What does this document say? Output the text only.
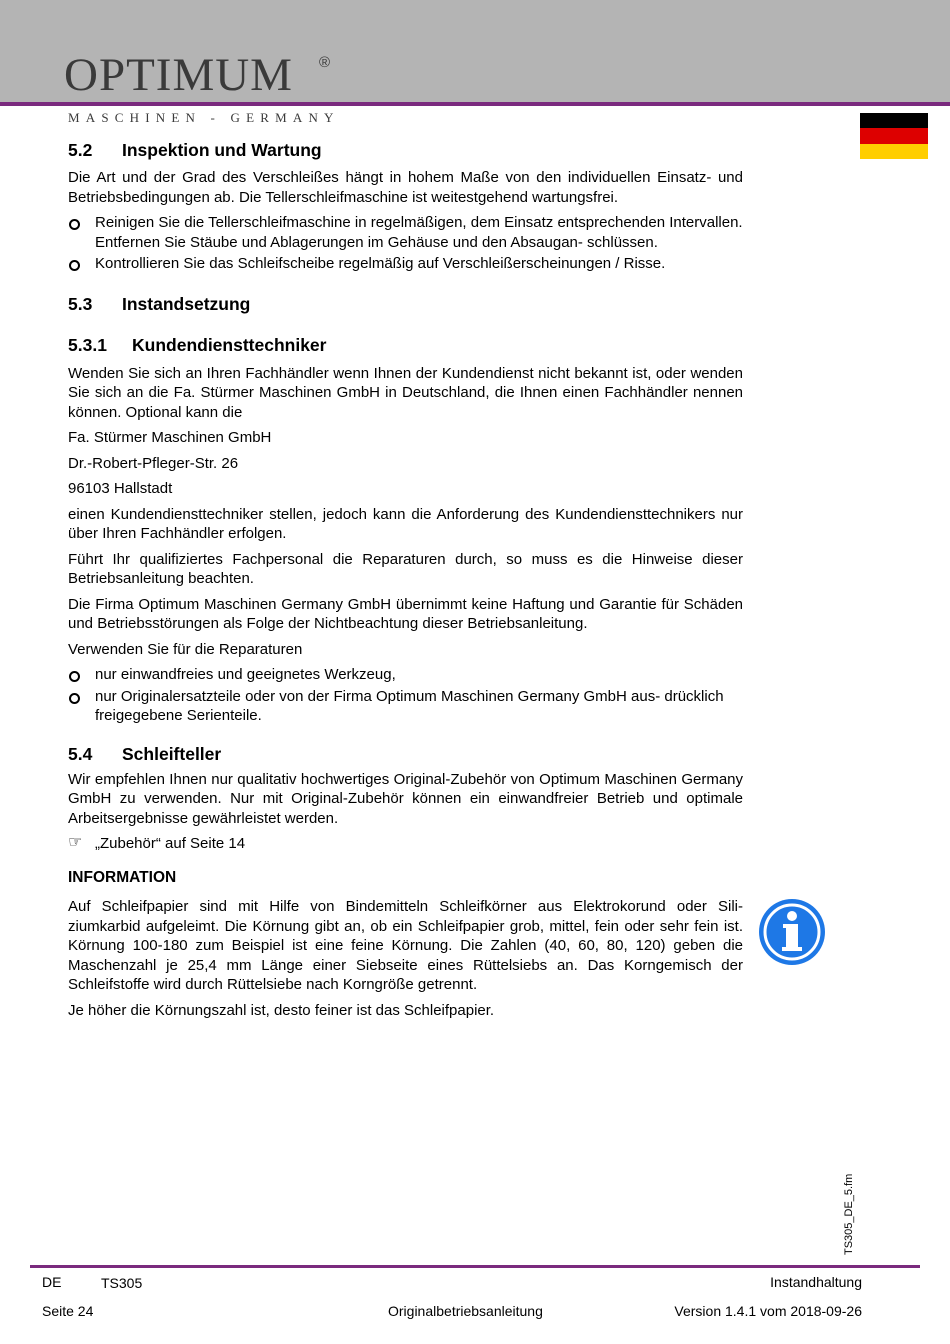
OPTIMUM ®
MASCHINEN - GERMANY
5.2 Inspektion und Wartung

Die Art und der Grad des Verschleißes hängt in hohem Maße von den individuellen Einsatz- und Betriebsbedingungen ab. Die Tellerschleifmaschine ist weitestgehend wartungsfrei.

Reinigen Sie die Tellerschleifmaschine in regelmäßigen, dem Einsatz entsprechenden Intervallen. Entfernen Sie Stäube und Ablagerungen im Gehäuse und den Absaugan- schlüssen.
Kontrollieren Sie das Schleifscheibe regelmäßig auf Verschleißerscheinungen / Risse.
5.3 Instandsetzung
5.3.1 Kundendiensttechniker

Wenden Sie sich an Ihren Fachhändler wenn Ihnen der Kundendienst nicht bekannt ist, oder wenden Sie sich an die Fa. Stürmer Maschinen GmbH in Deutschland, die Ihnen einen Fachhändler nennen können. Optional kann die

Fa. Stürmer Maschinen GmbH

Dr.-Robert-Pfleger-Str. 26

96103 Hallstadt

einen Kundendiensttechniker stellen, jedoch kann die Anforderung des Kundendiensttechnikers nur über Ihren Fachhändler erfolgen.

Führt Ihr qualifiziertes Fachpersonal die Reparaturen durch, so muss es die Hinweise dieser Betriebsanleitung beachten.

Die Firma Optimum Maschinen Germany GmbH übernimmt keine Haftung und Garantie für Schäden und Betriebsstörungen als Folge der Nichtbeachtung dieser Betriebsanleitung.

Verwenden Sie für die Reparaturen

nur einwandfreies und geeignetes Werkzeug,
nur Originalersatzteile oder von der Firma Optimum Maschinen Germany GmbH aus- drücklich freigegebene Serienteile.
5.4 Schleifteller

Wir empfehlen Ihnen nur qualitativ hochwertiges Original-Zubehör von Optimum Maschinen Germany GmbH zu verwenden. Nur mit Original-Zubehör können ein einwandfreier Betrieb und optimale Arbeitsergebnisse gewährleistet werden.

☞ „Zubehör“ auf Seite 14
INFORMATION

Auf Schleifpapier sind mit Hilfe von Bindemitteln Schleifkörner aus Elektrokorund oder Sili- ziumkarbid aufgeleimt. Die Körnung gibt an, ob ein Schleifpapier grob, mittel, fein oder sehr fein ist. Körnung 100-180 zum Beispiel ist eine feine Körnung. Die Zahlen (40, 60, 80, 120) geben die Maschenzahl je 25,4 mm Länge einer Siebseite eines Rüttelsiebs an. Das Korngemisch der Schleifstoffe wird durch Rüttelsiebe nach Korngröße getrennt.

Je höher die Körnungszahl ist, desto feiner ist das Schleifpapier.

TS305_DE_5.fm
DE	TS305	Instandhaltung
Seite 24	Originalbetriebsanleitung	Version 1.4.1 vom 2018-09-26
